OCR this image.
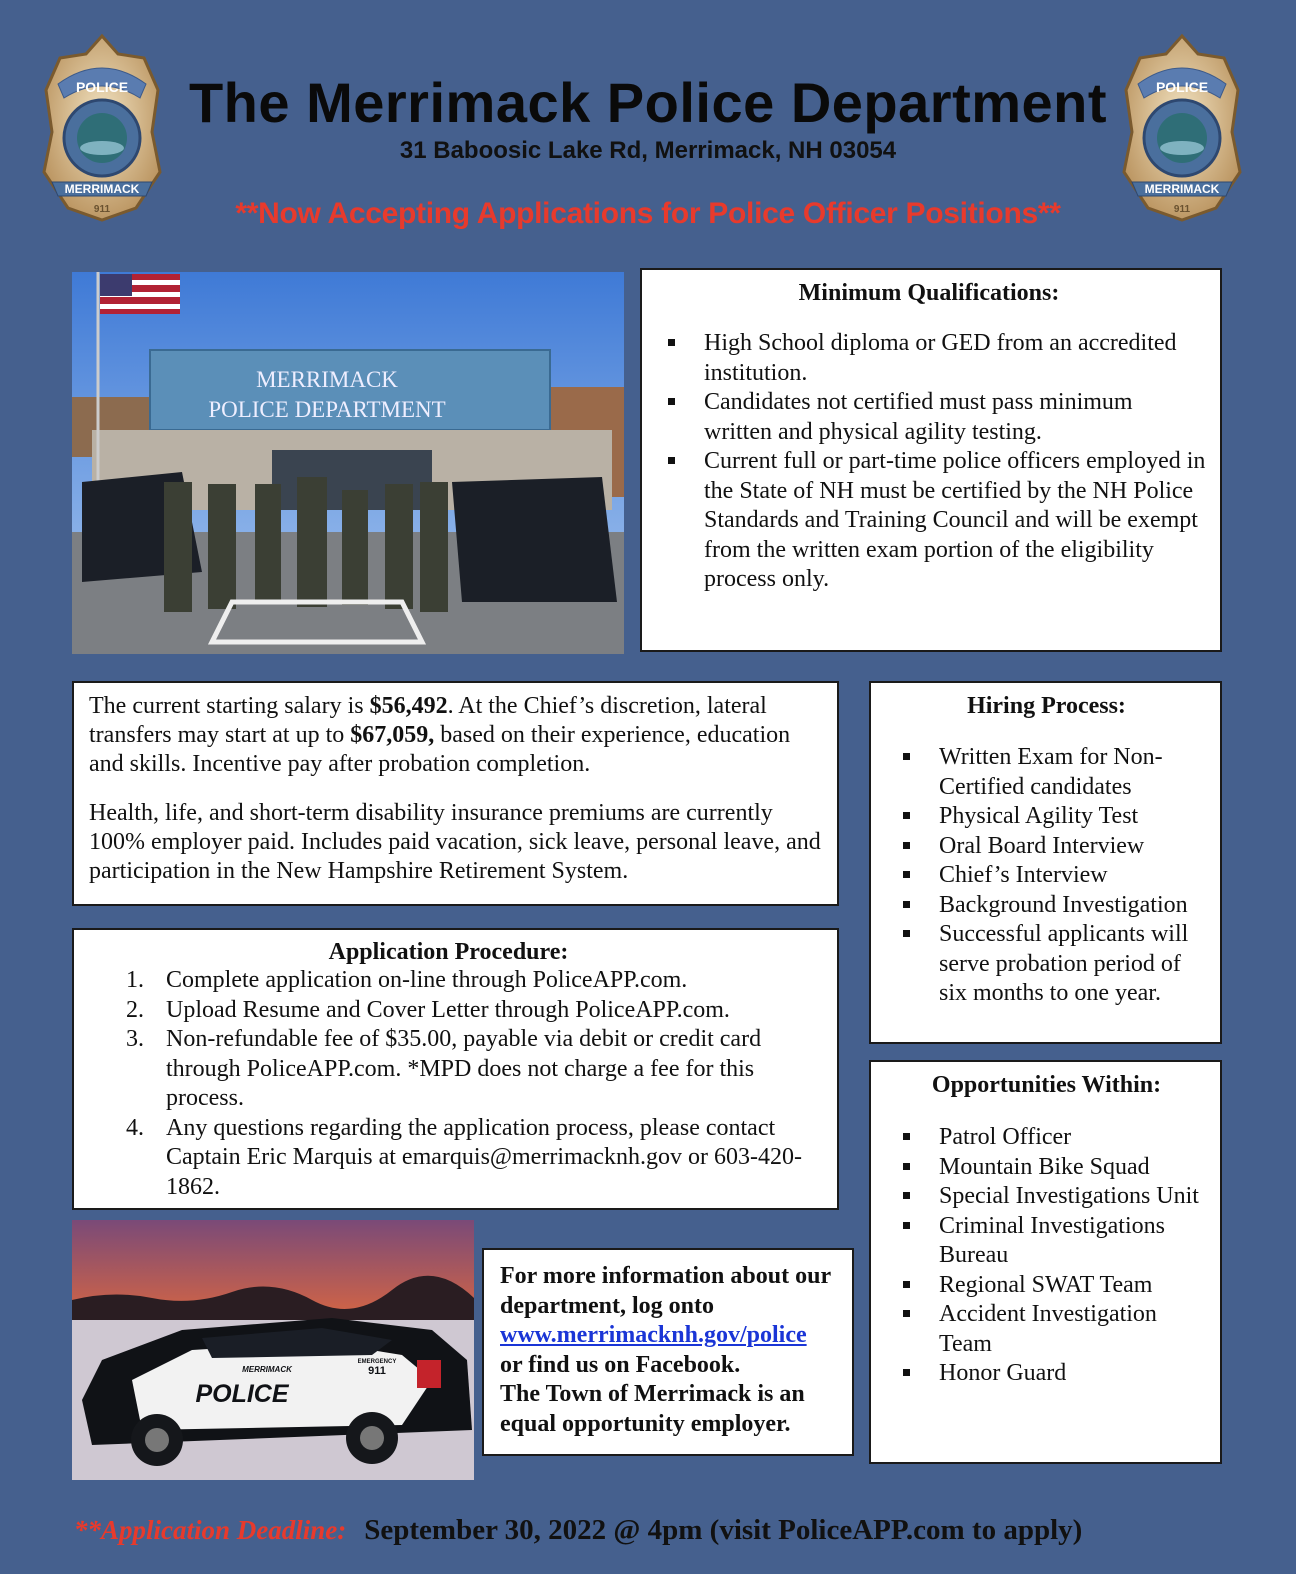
POLICE
MERRIMACK
911
POLICE
MERRIMACK
911
The Merrimack Police Department
31 Baboosic Lake Rd, Merrimack, NH 03054
**Now Accepting Applications for Police Officer Positions**
MERRIMACK
POLICE DEPARTMENT
Minimum Qualifications:
High School diploma or GED from an accredited institution.
Candidates not certified must pass minimum written and physical agility testing.
Current full or part-time police officers employed in the State of NH must be certified by the NH Police Standards and Training Council and will be exempt from the written exam portion of the eligibility process only.

The current starting salary is $56,492. At the Chief’s discretion, lateral transfers may start at up to $67,059, based on their experience, education and skills. Incentive pay after probation completion.

Health, life, and short-term disability insurance premiums are currently 100% employer paid. Includes paid vacation, sick leave, personal leave, and participation in the New Hampshire Retirement System.

Hiring Process:
Written Exam for Non-Certified candidates
Physical Agility Test
Oral Board Interview
Chief’s Interview
Background Investigation
Successful applicants will serve probation period of six months to one year.
Application Procedure:
1. Complete application on-line through PoliceAPP.com.
2. Upload Resume and Cover Letter through PoliceAPP.com.
3. Non-refundable fee of $35.00, payable via debit or credit card through PoliceAPP.com. *MPD does not charge a fee for this process.
4. Any questions regarding the application process, please contact Captain Eric Marquis at emarquis@merrimacknh.gov or 603-420-1862.
Opportunities Within:
Patrol Officer
Mountain Bike Squad
Special Investigations Unit
Criminal Investigations Bureau
Regional SWAT Team
Accident Investigation Team
Honor Guard
POLICE
MERRIMACK
EMERGENCY
911

For more information about our department, log onto

www.merrimacknh.gov/police

or find us on Facebook.

The Town of Merrimack is an equal opportunity employer.

**Application Deadline: September 30, 2022 @ 4pm (visit PoliceAPP.com to apply)
